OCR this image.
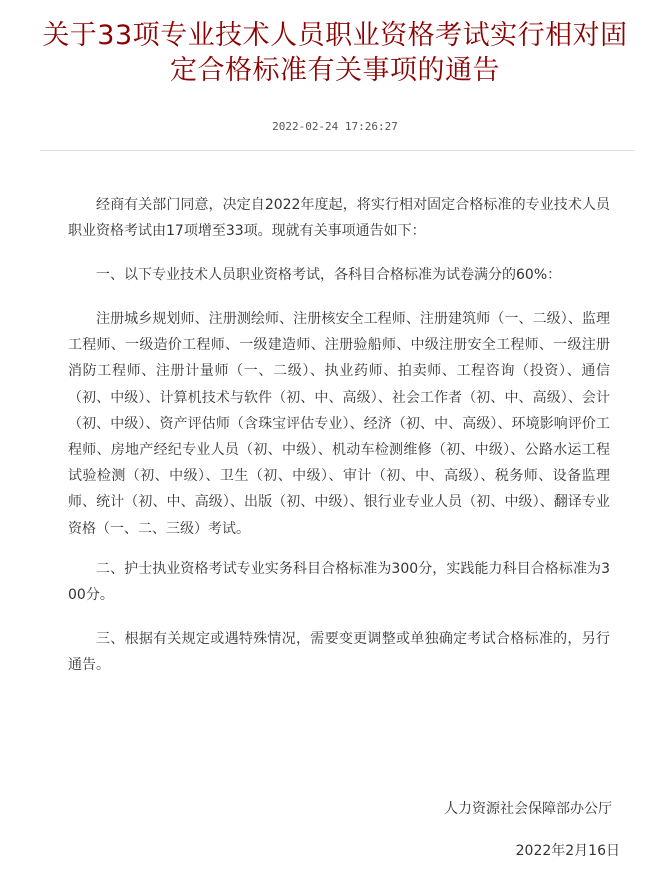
关于33项专业技术人员职业资格考试实行相对固定合格标准有关事项的通告
2022-02-24 17:26:27

经商有关部门同意，决定自2022年度起，将实行相对固定合格标准的专业技术人员职业资格考试由17项增至33项。现就有关事项通告如下：

一、以下专业技术人员职业资格考试，各科目合格标准为试卷满分的60%：

注册城乡规划师、注册测绘师、注册核安全工程师、注册建筑师（一、二级）、监理工程师、一级造价工程师、一级建造师、注册验船师、中级注册安全工程师、一级注册消防工程师、注册计量师（一、二级）、执业药师、拍卖师、工程咨询（投资）、通信（初、中级）、计算机技术与软件（初、中、高级）、社会工作者（初、中、高级）、会计（初、中级）、资产评估师（含珠宝评估专业）、经济（初、中、高级）、环境影响评价工程师、房地产经纪专业人员（初、中级）、机动车检测维修（初、中级）、公路水运工程试验检测（初、中级）、卫生（初、中级）、审计（初、中、高级）、税务师、设备监理师、统计（初、中、高级）、出版（初、中级）、银行业专业人员（初、中级）、翻译专业资格（一、二、三级）考试。

二、护士执业资格考试专业实务科目合格标准为300分，实践能力科目合格标准为300分。

三、根据有关规定或遇特殊情况，需要变更调整或单独确定考试合格标准的，另行通告。

人力资源社会保障部办公厅
2022年2月16日
